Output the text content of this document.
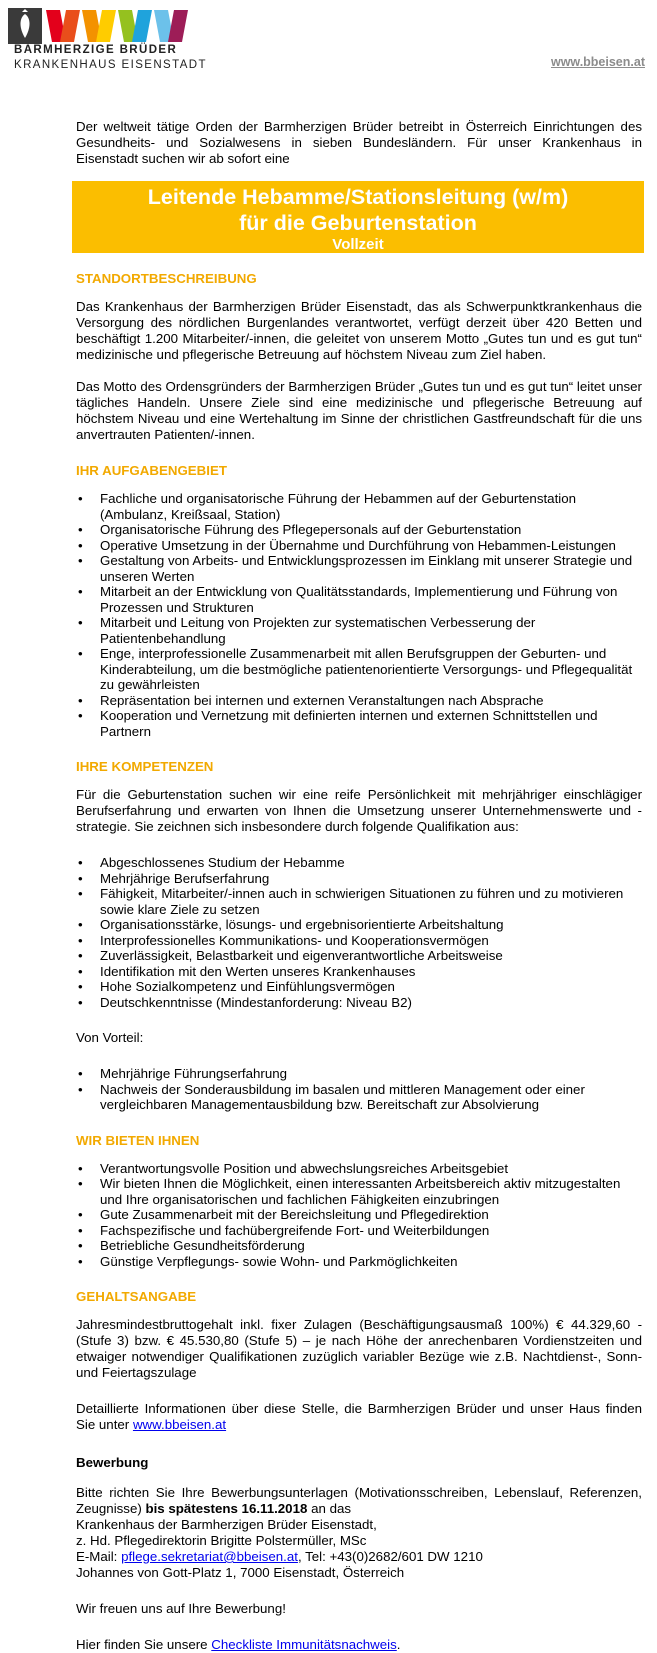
BARMHERZIGE BRÜDER
KRANKENHAUS EISENSTADT	www.bbeisen.at

Der weltweit tätige Orden der Barmherzigen Brüder betreibt in Österreich Einrichtungen des Gesundheits- und Sozialwesens in sieben Bundesländern. Für unser Krankenhaus in Eisenstadt suchen wir ab sofort eine

Leitende Hebamme/Stationsleitung (w/m)
für die Geburtenstation
Vollzeit
STANDORTBESCHREIBUNG

Das Krankenhaus der Barmherzigen Brüder Eisenstadt, das als Schwerpunktkrankenhaus die Versorgung des nördlichen Burgenlandes verantwortet, verfügt derzeit über 420 Betten und beschäftigt 1.200 Mitarbeiter/-innen, die geleitet von unserem Motto „Gutes tun und es gut tun“ medizinische und pflegerische Betreuung auf höchstem Niveau zum Ziel haben.

Das Motto des Ordensgründers der Barmherzigen Brüder „Gutes tun und es gut tun“ leitet unser tägliches Handeln. Unsere Ziele sind eine medizinische und pflegerische Betreuung auf höchstem Niveau und eine Wertehaltung im Sinne der christlichen Gastfreundschaft für die uns anvertrauten Patienten/-innen.

IHR AUFGABENGEBIET
• Fachliche und organisatorische Führung der Hebammen auf der Geburtenstation (Ambulanz, Kreißsaal, Station)
• Organisatorische Führung des Pflegepersonals auf der Geburtenstation
• Operative Umsetzung in der Übernahme und Durchführung von Hebammen-Leistungen
• Gestaltung von Arbeits- und Entwicklungsprozessen im Einklang mit unserer Strategie und unseren Werten
• Mitarbeit an der Entwicklung von Qualitätsstandards, Implementierung und Führung von Prozessen und Strukturen
• Mitarbeit und Leitung von Projekten zur systematischen Verbesserung der Patientenbehandlung
• Enge, interprofessionelle Zusammenarbeit mit allen Berufsgruppen der Geburten- und Kinderabteilung, um die bestmögliche patientenorientierte Versorgungs- und Pflegequalität zu gewährleisten
• Repräsentation bei internen und externen Veranstaltungen nach Absprache
• Kooperation und Vernetzung mit definierten internen und externen Schnittstellen und Partnern
IHRE KOMPETENZEN

Für die Geburtenstation suchen wir eine reife Persönlichkeit mit mehrjähriger einschlägiger Berufserfahrung und erwarten von Ihnen die Umsetzung unserer Unternehmenswerte und -strategie. Sie zeichnen sich insbesondere durch folgende Qualifikation aus:

• Abgeschlossenes Studium der Hebamme
• Mehrjährige Berufserfahrung
• Fähigkeit, Mitarbeiter/-innen auch in schwierigen Situationen zu führen und zu motivieren sowie klare Ziele zu setzen
• Organisationsstärke, lösungs- und ergebnisorientierte Arbeitshaltung
• Interprofessionelles Kommunikations- und Kooperationsvermögen
• Zuverlässigkeit, Belastbarkeit und eigenverantwortliche Arbeitsweise
• Identifikation mit den Werten unseres Krankenhauses
• Hohe Sozialkompetenz und Einfühlungsvermögen
• Deutschkenntnisse (Mindestanforderung: Niveau B2)

Von Vorteil:

• Mehrjährige Führungserfahrung
• Nachweis der Sonderausbildung im basalen und mittleren Management oder einer vergleichbaren Managementausbildung bzw. Bereitschaft zur Absolvierung
WIR BIETEN IHNEN
• Verantwortungsvolle Position und abwechslungsreiches Arbeitsgebiet
• Wir bieten Ihnen die Möglichkeit, einen interessanten Arbeitsbereich aktiv mitzugestalten und Ihre organisatorischen und fachlichen Fähigkeiten einzubringen
• Gute Zusammenarbeit mit der Bereichsleitung und Pflegedirektion
• Fachspezifische und fachübergreifende Fort- und Weiterbildungen
• Betriebliche Gesundheitsförderung
• Günstige Verpflegungs- sowie Wohn- und Parkmöglichkeiten
GEHALTSANGABE

Jahresmindestbruttogehalt inkl. fixer Zulagen (Beschäftigungsausmaß 100%) € 44.329,60 - (Stufe 3) bzw. € 45.530,80 (Stufe 5) – je nach Höhe der anrechenbaren Vordienstzeiten und etwaiger notwendiger Qualifikationen zuzüglich variabler Bezüge wie z.B. Nachtdienst-, Sonn- und Feiertagszulage

Detaillierte Informationen über diese Stelle, die Barmherzigen Brüder und unser Haus finden Sie unter www.bbeisen.at

Bewerbung

Bitte richten Sie Ihre Bewerbungsunterlagen (Motivationsschreiben, Lebenslauf, Referenzen, Zeugnisse) bis spätestens 16.11.2018 an das
Krankenhaus der Barmherzigen Brüder Eisenstadt,
z. Hd. Pflegedirektorin Brigitte Polstermüller, MSc
E-Mail: pflege.sekretariat@bbeisen.at, Tel: +43(0)2682/601 DW 1210
Johannes von Gott-Platz 1, 7000 Eisenstadt, Österreich

Wir freuen uns auf Ihre Bewerbung!

Hier finden Sie unsere Checkliste Immunitätsnachweis.
